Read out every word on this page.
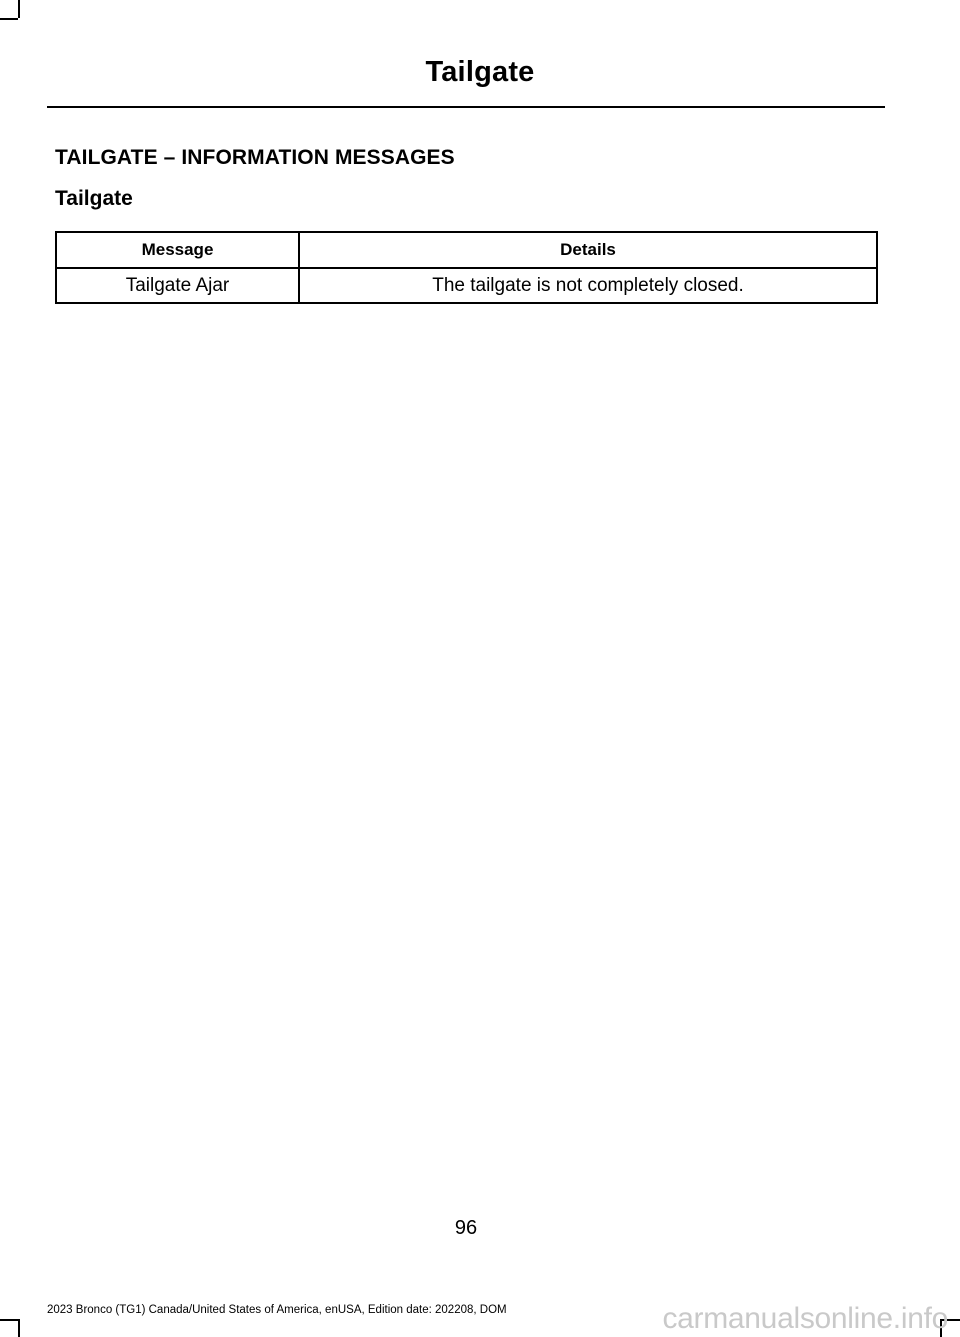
Tailgate
TAILGATE – INFORMATION MESSAGES
Tailgate
Message	Details
Tailgate Ajar	The tailgate is not completely closed.
96
2023 Bronco (TG1) Canada/United States of America, enUSA, Edition date: 202208, DOM	carmanualsonline.info
